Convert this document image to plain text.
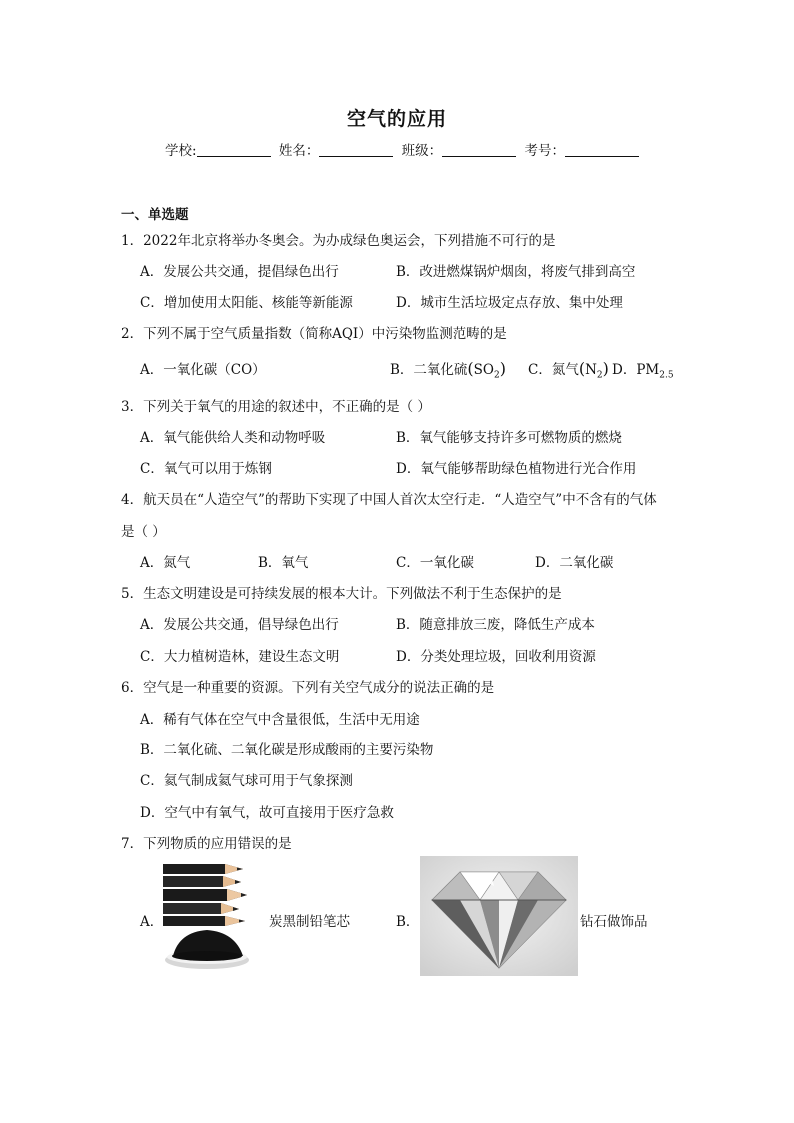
空气的应用
学校:	姓名：	班级：	考号：
一、单选题
1．2022年北京将举办冬奥会。为办成绿色奥运会，下列措施不可行的是
A．发展公共交通，提倡绿色出行	B．改进燃煤锅炉烟囱，将废气排到高空
C．增加使用太阳能、核能等新能源	D．城市生活垃圾定点存放、集中处理
2．下列不属于空气质量指数（简称AQI）中污染物监测范畴的是
A．一氧化碳（CO）	B．二氧化硫$(SO_2)$ C．氮气$(N_2)$ D．$PM_{2.5}$
3．下列关于氧气的用途的叙述中，不正确的是（ ）
A．氧气能供给人类和动物呼吸	B．氧气能够支持许多可燃物质的燃烧
C．氧气可以用于炼钢	D．氧气能够帮助绿色植物进行光合作用
4．航天员在“人造空气”的帮助下实现了中国人首次太空行走．“人造空气”中不含有的气体
是（ ）
A．氮气	B．氧气	C．一氧化碳	D．二氧化碳
5．生态文明建设是可持续发展的根本大计。下列做法不利于生态保护的是
A．发展公共交通，倡导绿色出行	B．随意排放三废，降低生产成本
C．大力植树造林，建设生态文明	D．分类处理垃圾，回收利用资源
6．空气是一种重要的资源。下列有关空气成分的说法正确的是
A．稀有气体在空气中含量很低，生活中无用途
B．二氧化硫、二氧化碳是形成酸雨的主要污染物
C．氦气制成氦气球可用于气象探测
D．空气中有氧气，故可直接用于医疗急救
7．下列物质的应用错误的是
A．	炭黑制铅笔芯	B．	钻石做饰品
